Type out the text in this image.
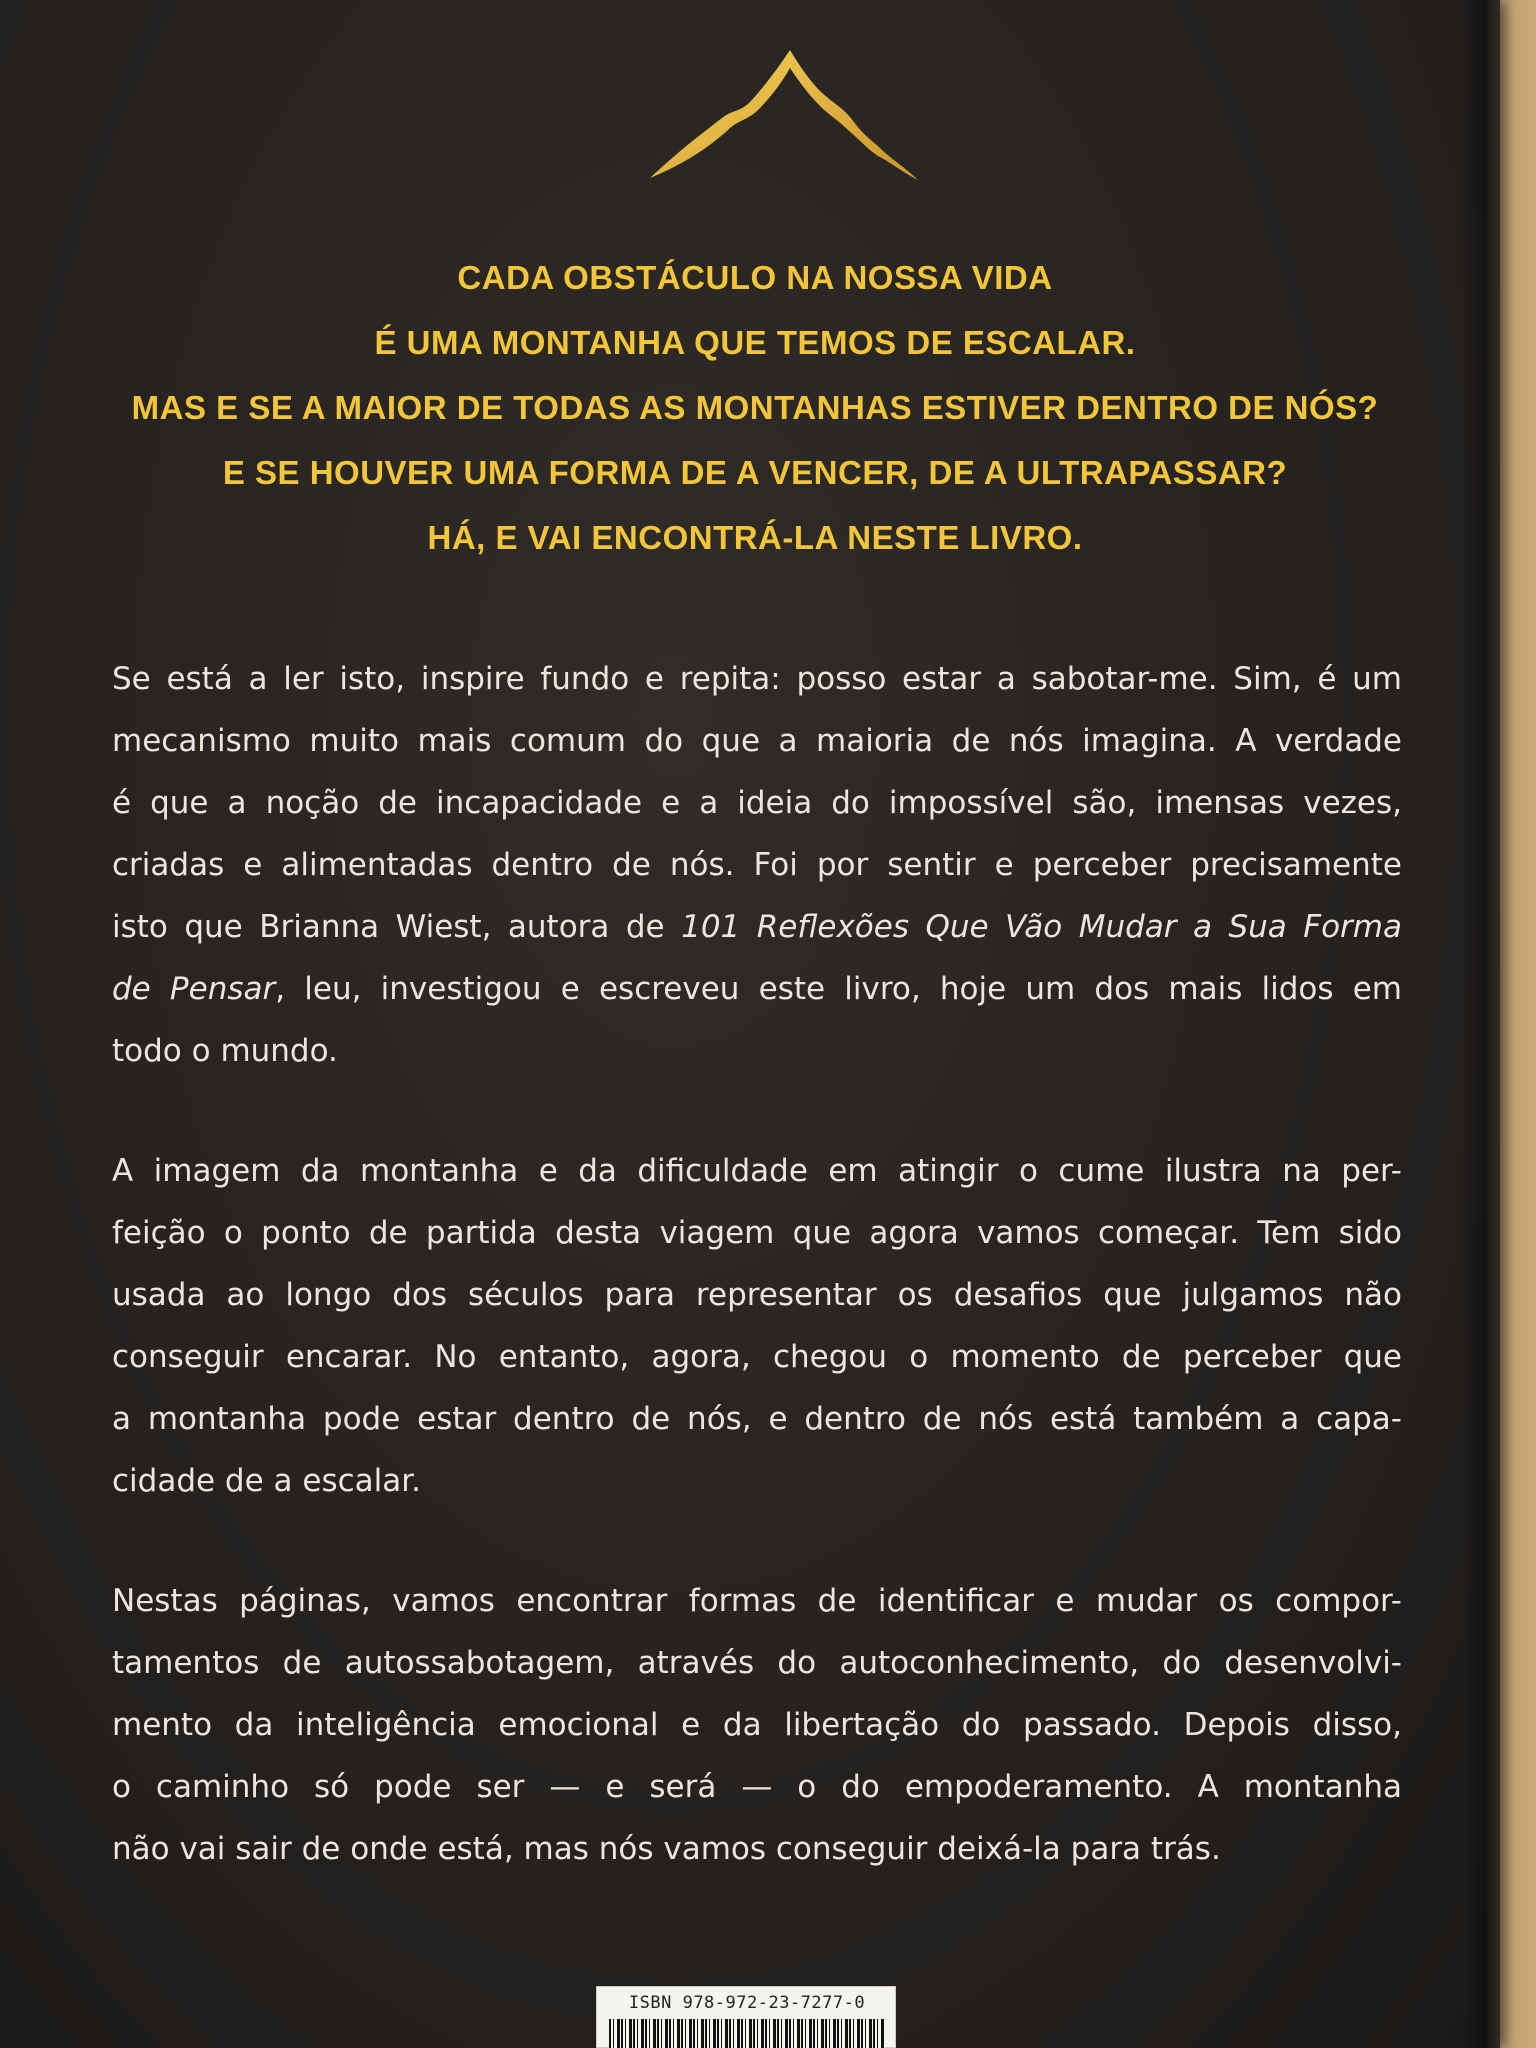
CADA OBSTÁCULO NA NOSSA VIDA
É UMA MONTANHA QUE TEMOS DE ESCALAR.
MAS E SE A MAIOR DE TODAS AS MONTANHAS ESTIVER DENTRO DE NÓS?
E SE HOUVER UMA FORMA DE A VENCER, DE A ULTRAPASSAR?
HÁ, E VAI ENCONTRÁ-LA NESTE LIVRO.
Se está a ler isto, inspire fundo e repita: posso estar a sabotar-me. Sim, é um
mecanismo muito mais comum do que a maioria de nós imagina. A verdade
é que a noção de incapacidade e a ideia do impossível são, imensas vezes,
criadas e alimentadas dentro de nós. Foi por sentir e perceber precisamente
isto que Brianna Wiest, autora de 101 Reflexões Que Vão Mudar a Sua Forma
de Pensar, leu, investigou e escreveu este livro, hoje um dos mais lidos em
todo o mundo.
A imagem da montanha e da dificuldade em atingir o cume ilustra na per-
feição o ponto de partida desta viagem que agora vamos começar. Tem sido
usada ao longo dos séculos para representar os desafios que julgamos não
conseguir encarar. No entanto, agora, chegou o momento de perceber que
a montanha pode estar dentro de nós, e dentro de nós está também a capa-
cidade de a escalar.
Nestas páginas, vamos encontrar formas de identificar e mudar os compor-
tamentos de autossabotagem, através do autoconhecimento, do desenvolvi-
mento da inteligência emocional e da libertação do passado. Depois disso,
o caminho só pode ser — e será — o do empoderamento. A montanha
não vai sair de onde está, mas nós vamos conseguir deixá-la para trás.
ISBN 978-972-23-7277-0
